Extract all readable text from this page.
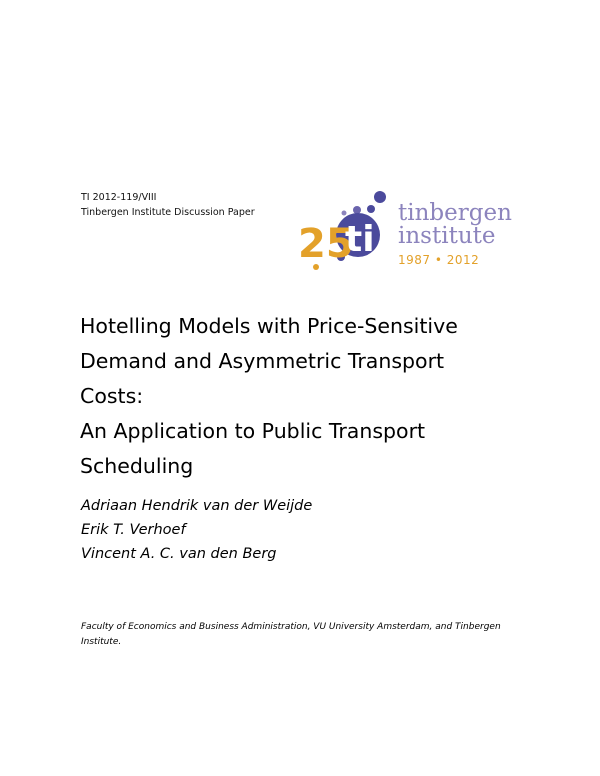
TI 2012-119/VIII
Tinbergen Institute Discussion Paper
25
ti
tinbergen
institute
1987 • 2012
Hotelling Models with Price-Sensitive
Demand and Asymmetric Transport
Costs:
An Application to Public Transport
Scheduling
Adriaan Hendrik van der Weijde
Erik T. Verhoef
Vincent A. C. van den Berg
Faculty of Economics and Business Administration, VU University Amsterdam, and Tinbergen Institute.
